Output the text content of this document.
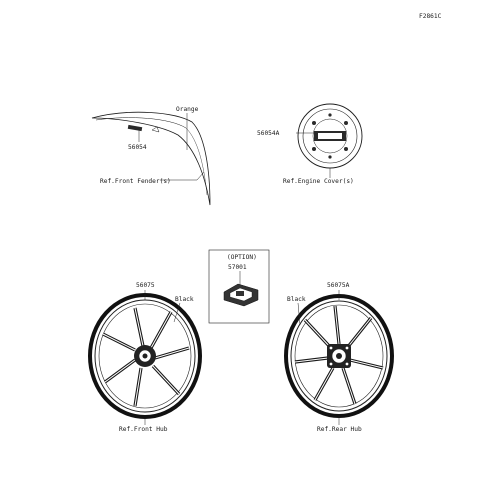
F2861C
56054
Orange
Ref.Front Fender(s)
56054A
Ref.Engine Cover(s)
(OPTION)
57001
56075
Black
Ref.Front Hub
56075A
Black
Ref.Rear Hub
